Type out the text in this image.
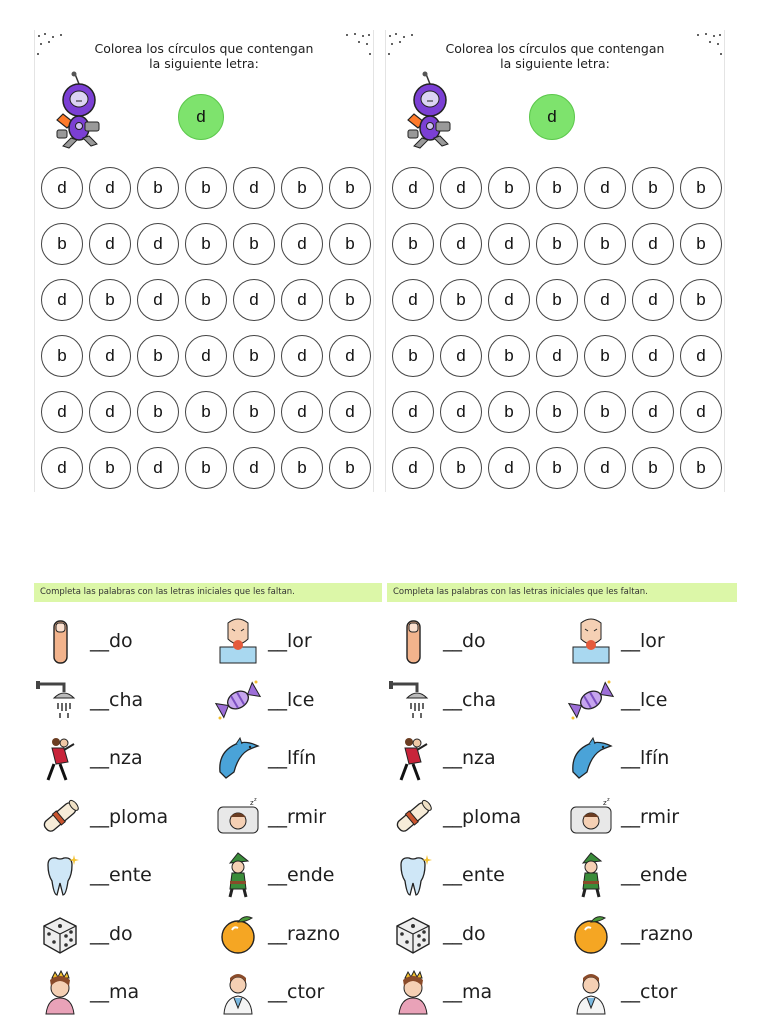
Colorea los círculos que contengan
la siguiente letra:
d
d	d	b	b	d	b	b
b	d	d	b	b	d	b
d	b	d	b	d	d	b
b	d	b	d	b	d	d
d	d	b	b	b	d	d
d	b	d	b	d	b	b
Colorea los círculos que contengan
la siguiente letra:
d
d	d	b	b	d	b	b
b	d	d	b	b	d	b
d	b	d	b	d	d	b
b	d	b	d	b	d	d
d	d	b	b	b	d	d
d	b	d	b	d	b	b
Completa las palabras con las letras iniciales que les faltan.	Completa las palabras con las letras iniciales que les faltan.
__do
__cha
__nza
__ploma
__ente
__do
__ma
__lor
__lce
__lfín
z z
__rmir
__ende
__razno
__ctor
__do
__cha
__nza
__ploma
__ente
__do
__ma
__lor
__lce
__lfín
z z
__rmir
__ende
__razno
__ctor
